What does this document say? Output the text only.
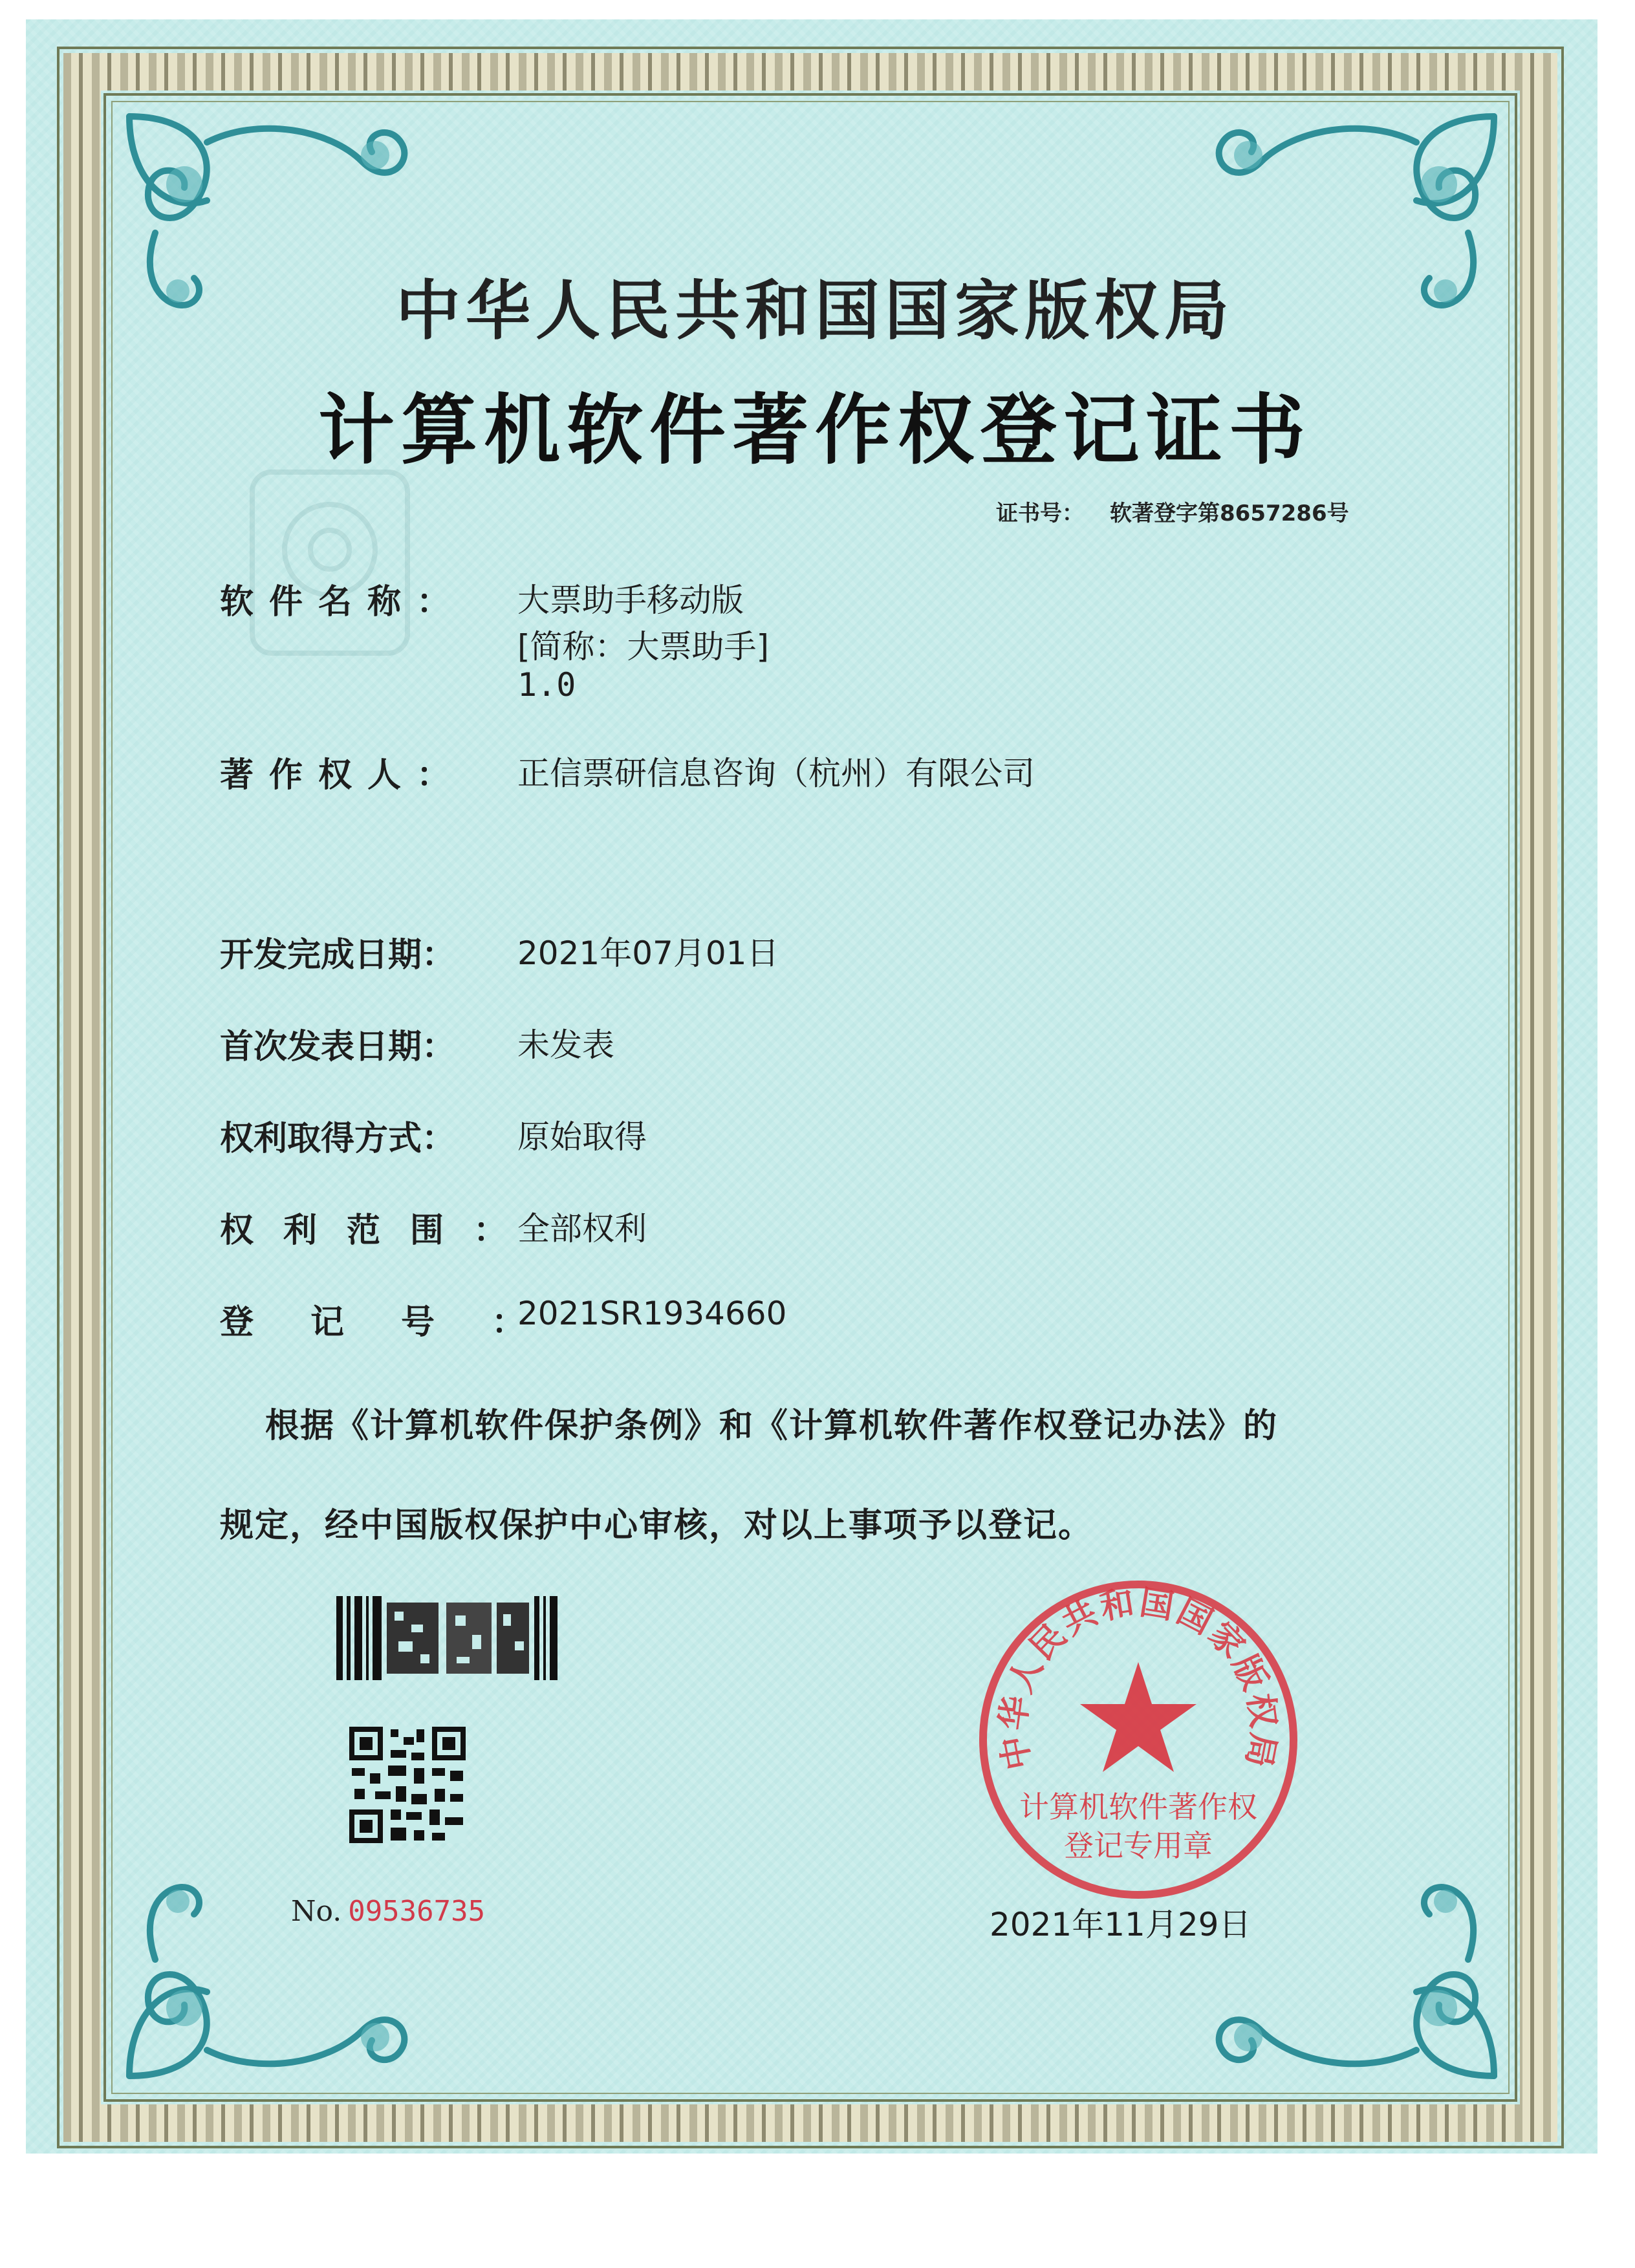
中华人民共和国国家版权局
计算机软件著作权登记证书
证书号： 软著登字第8657286号
软件名称： 大票助手移动版
[简称：大票助手]
1.0
著作权人： 正信票研信息咨询（杭州）有限公司
开发完成日期： 2021年07月01日
首次发表日期： 未发表
权利取得方式： 原始取得
权利范围：
全部权利
登记号：
2021SR1934660
根据《计算机软件保护条例》和《计算机软件著作权登记办法》的
规定，经中国版权保护中心审核，对以上事项予以登记。
No. 09536735
中华人民共和国国家版权局
计算机软件著作权
登记专用章
2021年11月29日
